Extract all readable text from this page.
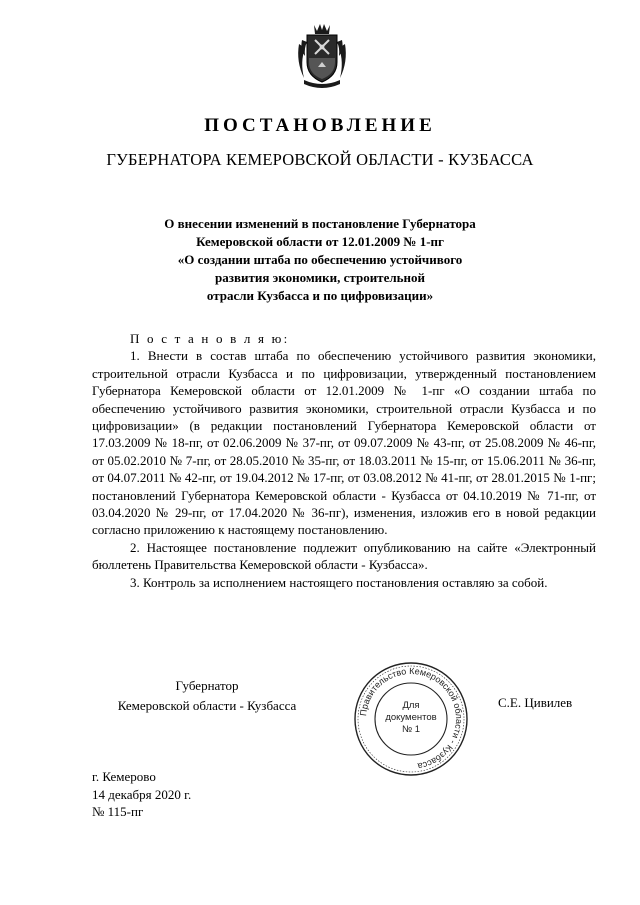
ПОСТАНОВЛЕНИЕ
ГУБЕРНАТОРА КЕМЕРОВСКОЙ ОБЛАСТИ - КУЗБАССА
О внесении изменений в постановление Губернатора
Кемеровской области от 12.01.2009 № 1-пг
«О создании штаба по обеспечению устойчивого
развития экономики, строительной
отрасли Кузбасса и по цифровизации»
П о с т а н о в л я ю:

1. Внести в состав штаба по обеспечению устойчивого развития экономики, строительной отрасли Кузбасса и по цифровизации, утвержденный постановлением Губернатора Кемеровской области от 12.01.2009 № 1-пг «О создании штаба по обеспечению устойчивого развития экономики, строительной отрасли Кузбасса и по цифровизации» (в редакции постановлений Губернатора Кемеровской области от 17.03.2009 № 18-пг, от 02.06.2009 № 37-пг, от 09.07.2009 № 43-пг, от 25.08.2009 № 46-пг, от 05.02.2010 № 7-пг, от 28.05.2010 № 35-пг, от 18.03.2011 № 15-пг, от 15.06.2011 № 36-пг, от 04.07.2011 № 42-пг, от 19.04.2012 № 17-пг, от 03.08.2012 № 41-пг, от 28.01.2015 № 1-пг; постановлений Губернатора Кемеровской области - Кузбасса от 04.10.2019 № 71-пг, от 03.04.2020 № 29-пг, от 17.04.2020 № 36-пг), изменения, изложив его в новой редакции согласно приложению к настоящему постановлению.

2. Настоящее постановление подлежит опубликованию на сайте «Электронный бюллетень Правительства Кемеровской области - Кузбасса».

3. Контроль за исполнением настоящего постановления оставляю за собой.

Губернатор
Кемеровской области - Кузбасса	Правительство Кемеровской области - Кузбасса
Для
документов
№ 1
С.Е. Цивилев
г. Кемерово
14 декабря 2020 г.
№ 115-пг
